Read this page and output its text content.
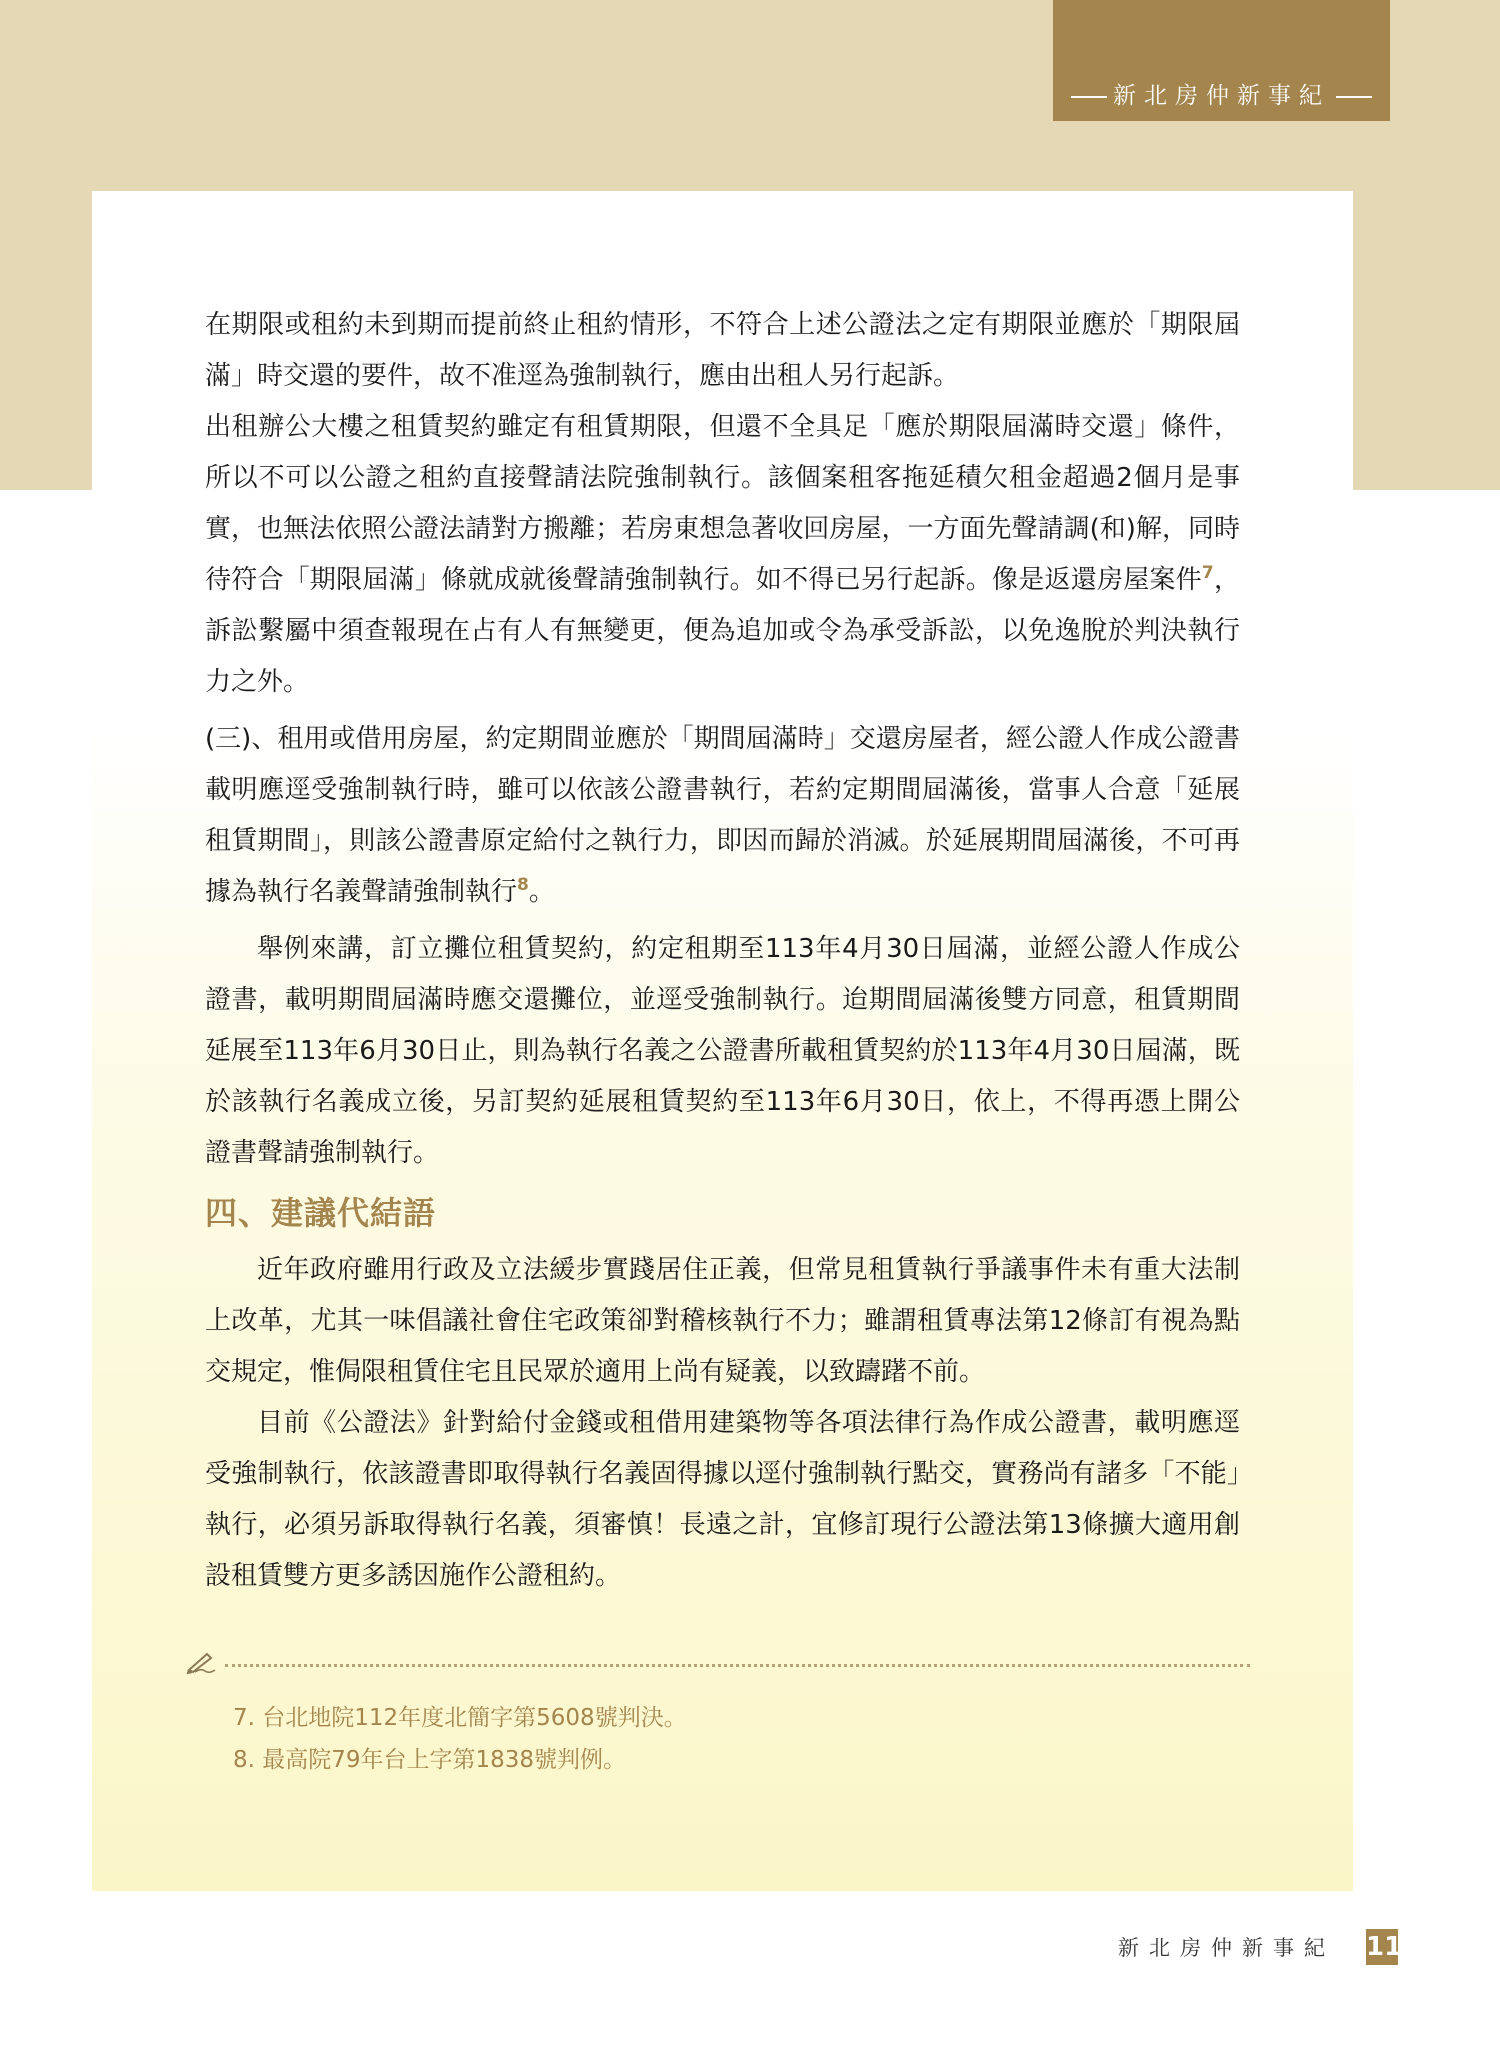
新北房仲新事紀

在期限或租約未到期而提前終止租約情形，不符合上述公證法之定有期限並應於「期限屆滿」時交還的要件，故不准逕為強制執行，應由出租人另行起訴。

出租辦公大樓之租賃契約雖定有租賃期限，但還不全具足「應於期限屆滿時交還」條件，所以不可以公證之租約直接聲請法院強制執行。該個案租客拖延積欠租金超過2個月是事實，也無法依照公證法請對方搬離；若房東想急著收回房屋，一方面先聲請調(和)解，同時待符合「期限屆滿」條就成就後聲請強制執行。如不得已另行起訴。像是返還房屋案件$^7$，訴訟繫屬中須查報現在占有人有無變更，便為追加或令為承受訴訟，以免逸脫於判決執行力之外。

(三)、租用或借用房屋，約定期間並應於「期間屆滿時」交還房屋者，經公證人作成公證書載明應逕受強制執行時，雖可以依該公證書執行，若約定期間屆滿後，當事人合意「延展租賃期間」，則該公證書原定給付之執行力，即因而歸於消滅。於延展期間屆滿後，不可再據為執行名義聲請強制執行$^8$。

舉例來講，訂立攤位租賃契約，約定租期至113年4月30日屆滿，並經公證人作成公證書，載明期間屆滿時應交還攤位，並逕受強制執行。迨期間屆滿後雙方同意，租賃期間延展至113年6月30日止，則為執行名義之公證書所載租賃契約於113年4月30日屆滿，既於該執行名義成立後，另訂契約延展租賃契約至113年6月30日，依上，不得再憑上開公證書聲請強制執行。

四、建議代結語

近年政府雖用行政及立法緩步實踐居住正義，但常見租賃執行爭議事件未有重大法制上改革，尤其一味倡議社會住宅政策卻對稽核執行不力；雖謂租賃專法第12條訂有視為點交規定，惟侷限租賃住宅且民眾於適用上尚有疑義，以致躊躇不前。

目前《公證法》針對給付金錢或租借用建築物等各項法律行為作成公證書，載明應逕受強制執行，依該證書即取得執行名義固得據以逕付強制執行點交，實務尚有諸多「不能」執行，必須另訴取得執行名義，須審慎！長遠之計，宜修訂現行公證法第13條擴大適用創設租賃雙方更多誘因施作公證租約。

7. 台北地院112年度北簡字第5608號判決。
8. 最高院79年台上字第1838號判例。
新北房仲新事紀 11
